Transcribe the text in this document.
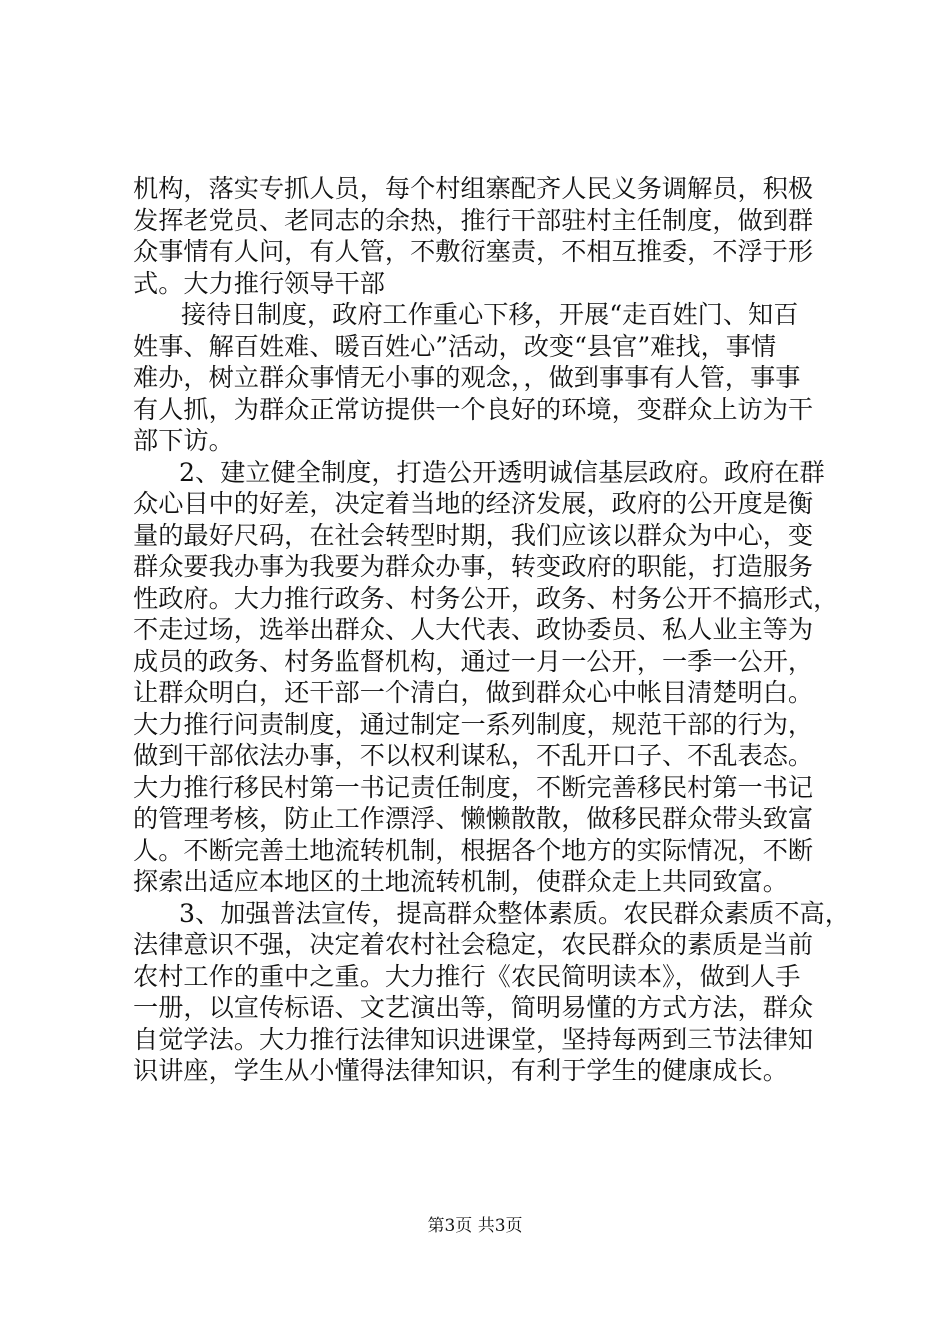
机构，落实专抓人员，每个村组寨配齐人民义务调解员，积极
发挥老党员、老同志的余热，推行干部驻村主任制度，做到群
众事情有人问，有人管，不敷衍塞责，不相互推委，不浮于形
式。大力推行领导干部
接待日制度，政府工作重心下移，开展“走百姓门、知百
姓事、解百姓难、暖百姓心”活动，改变“县官”难找，事情
难办，树立群众事情无小事的观念，，做到事事有人管，事事
有人抓，为群众正常访提供一个良好的环境，变群众上访为干
部下访。
2、建立健全制度，打造公开透明诚信基层政府。政府在群
众心目中的好差，决定着当地的经济发展，政府的公开度是衡
量的最好尺码，在社会转型时期，我们应该以群众为中心，变
群众要我办事为我要为群众办事，转变政府的职能，打造服务
性政府。大力推行政务、村务公开，政务、村务公开不搞形式，
不走过场，选举出群众、人大代表、政协委员、私人业主等为
成员的政务、村务监督机构，通过一月一公开，一季一公开，
让群众明白，还干部一个清白，做到群众心中帐目清楚明白。
大力推行问责制度，通过制定一系列制度，规范干部的行为，
做到干部依法办事，不以权利谋私，不乱开口子、不乱表态。
大力推行移民村第一书记责任制度，不断完善移民村第一书记
的管理考核，防止工作漂浮、懒懒散散，做移民群众带头致富
人。不断完善土地流转机制，根据各个地方的实际情况，不断
探索出适应本地区的土地流转机制，使群众走上共同致富。
3、加强普法宣传，提高群众整体素质。农民群众素质不高，
法律意识不强，决定着农村社会稳定，农民群众的素质是当前
农村工作的重中之重。大力推行《农民简明读本》，做到人手
一册，以宣传标语、文艺演出等，简明易懂的方式方法，群众
自觉学法。大力推行法律知识进课堂，坚持每两到三节法律知
识讲座，学生从小懂得法律知识，有利于学生的健康成长。
第3页 共3页
